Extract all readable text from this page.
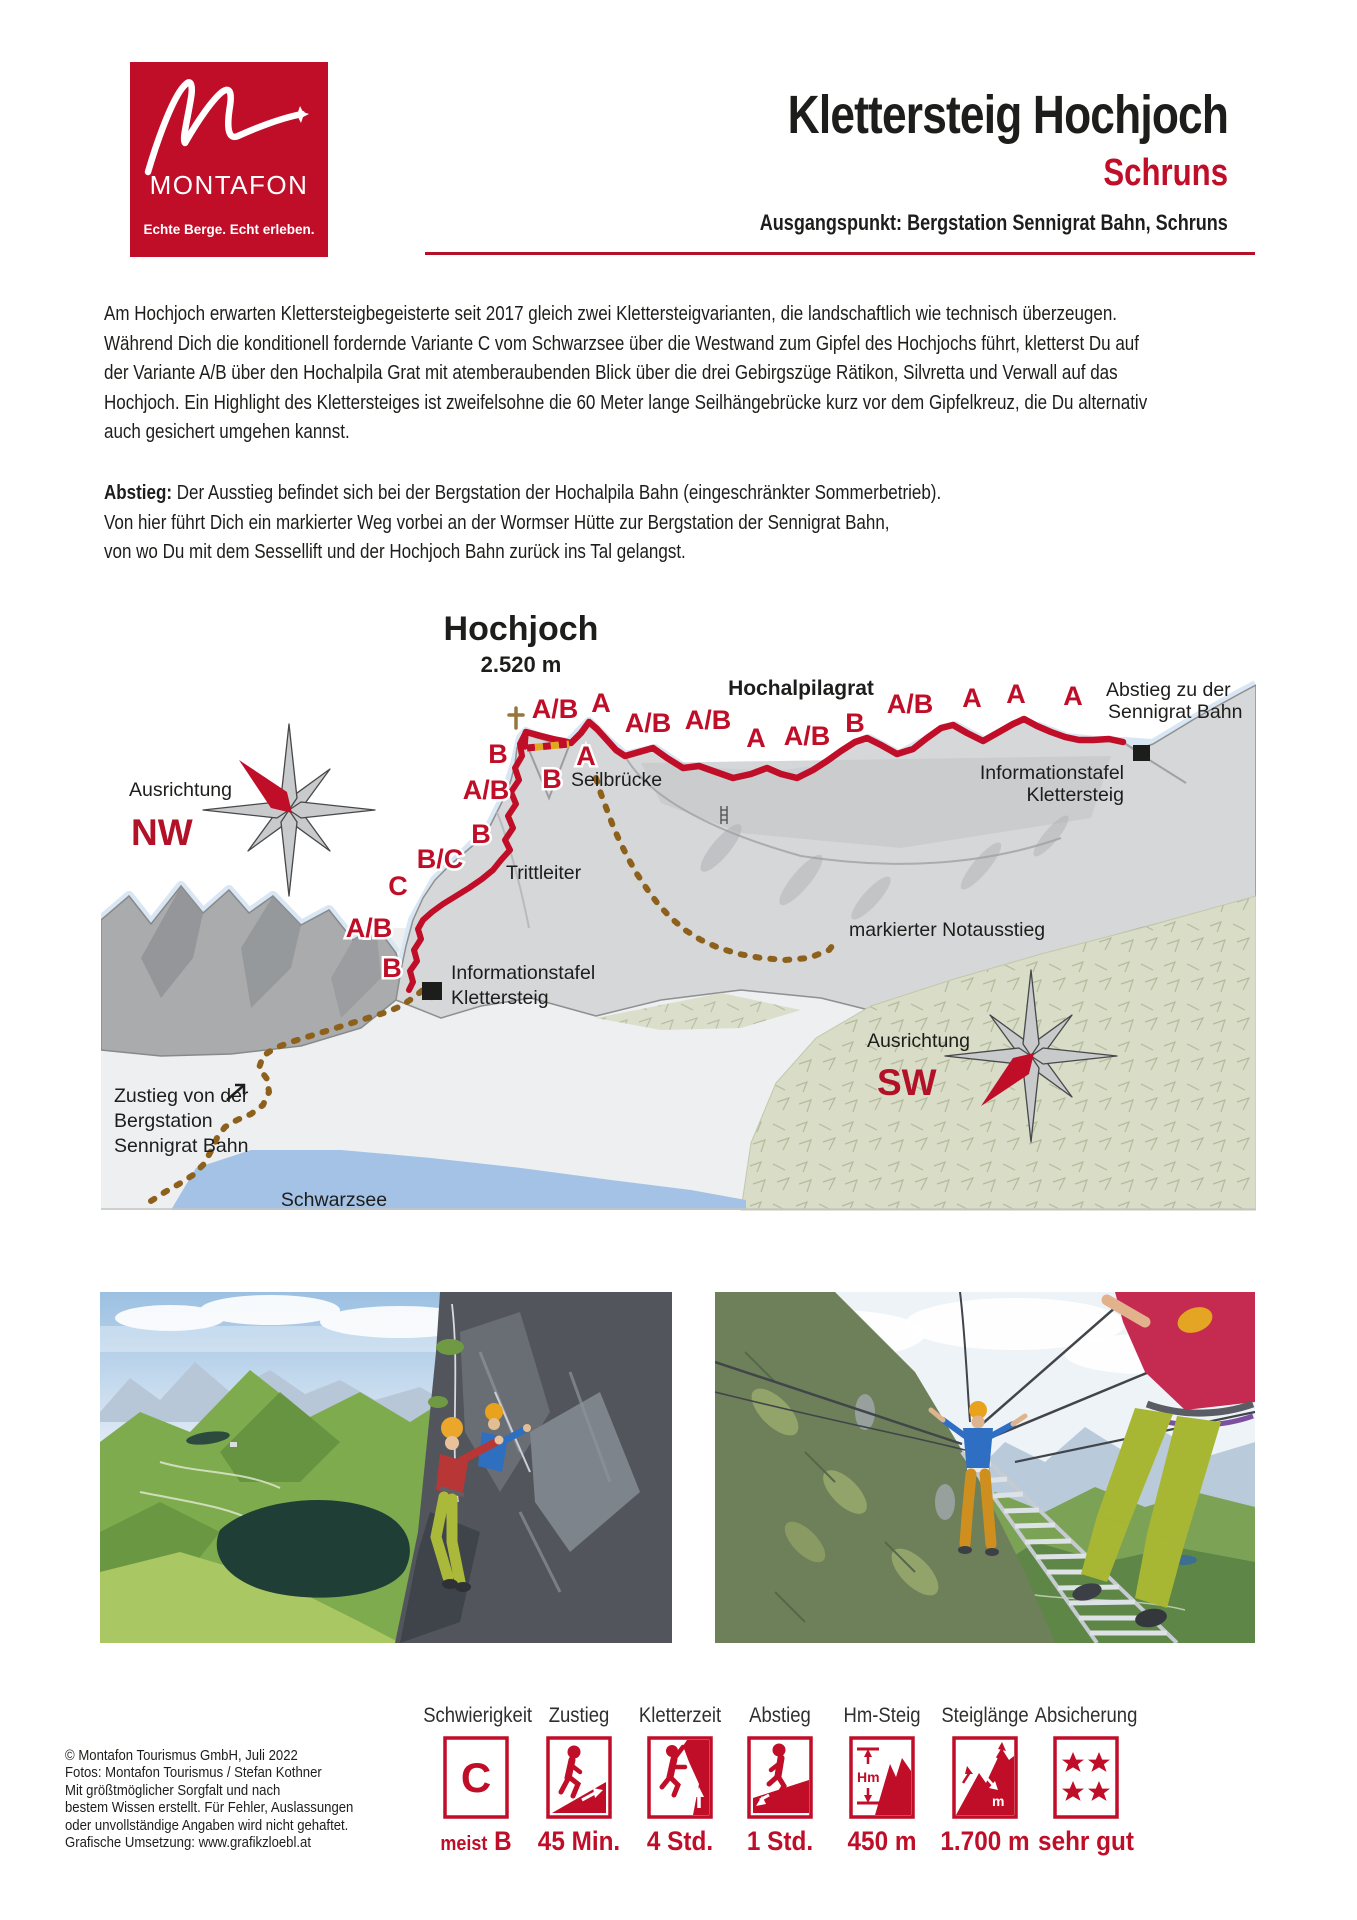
MONTAFON
Echte Berge. Echt erleben.
Klettersteig Hochjoch
Schruns
Ausgangspunkt: Bergstation Sennigrat Bahn, Schruns
Am Hochjoch erwarten Klettersteigbegeisterte seit 2017 gleich zwei Klettersteigvarianten, die landschaftlich wie technisch überzeugen.
Während Dich die konditionell fordernde Variante C vom Schwarzsee über die Westwand zum Gipfel des Hochjochs führt, kletterst Du auf
der Variante A/B über den Hochalpila Grat mit atemberaubenden Blick über die drei Gebirgszüge Rätikon, Silvretta und Verwall auf das
Hochjoch. Ein Highlight des Klettersteiges ist zweifelsohne die 60 Meter lange Seilhängebrücke kurz vor dem Gipfelkreuz, die Du alternativ
auch gesichert umgehen kannst.
Abstieg: Der Ausstieg befindet sich bei der Bergstation der Hochalpila Bahn (eingeschränkter Sommerbetrieb).
Von hier führt Dich ein markierter Weg vorbei an der Wormser Hütte zur Bergstation der Sennigrat Bahn,
von wo Du mit dem Sessellift und der Hochjoch Bahn zurück ins Tal gelangst.
Hochjoch
2.520 m
Hochalpilagrat
Seilbrücke
Trittleiter
Abstieg zu der
Sennigrat Bahn
Informationstafel
Klettersteig
Informationstafel
Klettersteig
markierter Notausstieg
Zustieg von der
Bergstation
Sennigrat Bahn
Schwarzsee
Ausrichtung
NW
Ausrichtung
SW
A/B A
A/B
B	A
B
A/B
B
B/C
C
A/B
B
A/B
A A/B B
A/B A A A
Schwierigkeit
C
meist B
Zustieg
45 Min.
Kletterzeit
4 Std.
Abstieg
1 Std.
Hm-Steig
Hm
450 m
Steiglänge
m
1.700 m
Absicherung
sehr gut
© Montafon Tourismus GmbH, Juli 2022
Fotos: Montafon Tourismus / Stefan Kothner
Mit größtmöglicher Sorgfalt und nach
bestem Wissen erstellt. Für Fehler, Auslassungen
oder unvollständige Angaben wird nicht gehaftet.
Grafische Umsetzung: www.grafikzloebl.at
